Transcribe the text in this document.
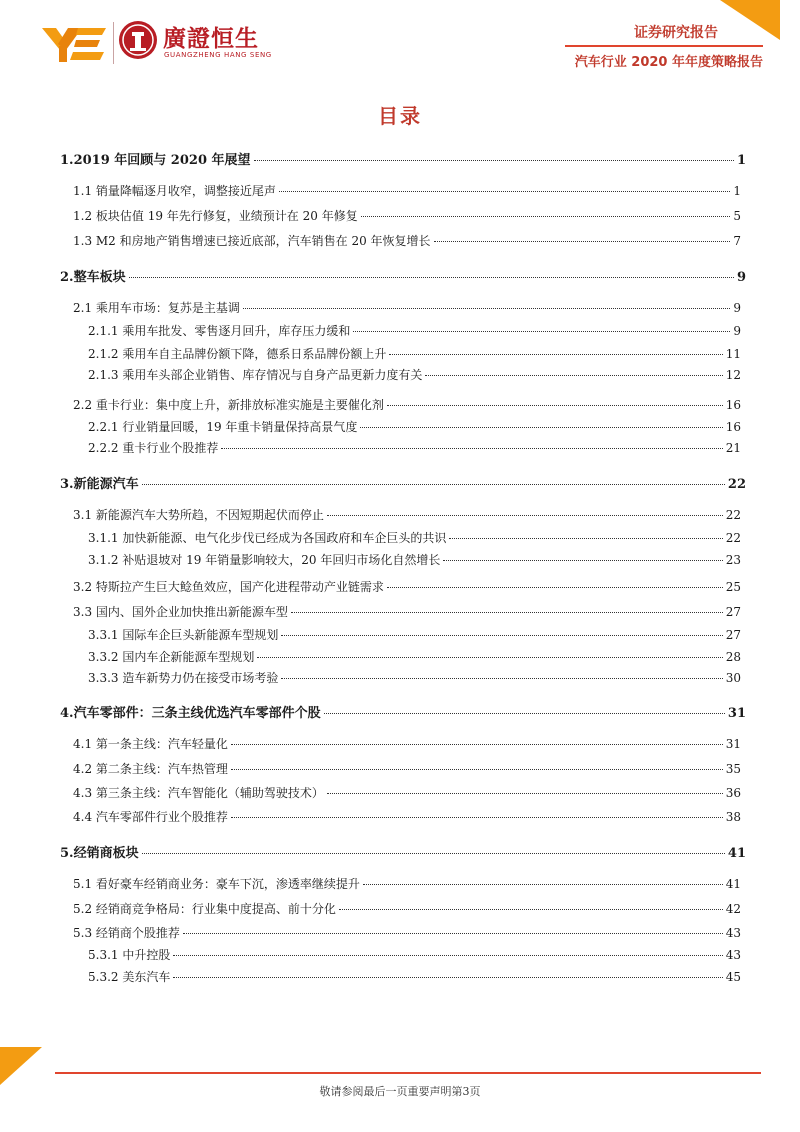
廣證恒生
GUANGZHENG HANG SENG
证券研究报告
汽车行业 2020 年年度策略报告
目录
1.2019 年回顾与 2020 年展望	1
1.1 销量降幅逐月收窄，调整接近尾声	1
1.2 板块估值 19 年先行修复，业绩预计在 20 年修复	5
1.3 M2 和房地产销售增速已接近底部，汽车销售在 20 年恢复增长	7
2.整车板块	9
2.1 乘用车市场：复苏是主基调	9
2.1.1 乘用车批发、零售逐月回升，库存压力缓和	9
2.1.2 乘用车自主品牌份额下降，德系日系品牌份额上升	11
2.1.3 乘用车头部企业销售、库存情况与自身产品更新力度有关	12
2.2 重卡行业：集中度上升，新排放标准实施是主要催化剂	16
2.2.1 行业销量回暖，19 年重卡销量保持高景气度	16
2.2.2 重卡行业个股推荐	21
3.新能源汽车	22
3.1 新能源汽车大势所趋，不因短期起伏而停止	22
3.1.1 加快新能源、电气化步伐已经成为各国政府和车企巨头的共识	22
3.1.2 补贴退坡对 19 年销量影响较大，20 年回归市场化自然增长	23
3.2 特斯拉产生巨大鲶鱼效应，国产化进程带动产业链需求	25
3.3 国内、国外企业加快推出新能源车型	27
3.3.1 国际车企巨头新能源车型规划	27
3.3.2 国内车企新能源车型规划	28
3.3.3 造车新势力仍在接受市场考验	30
4.汽车零部件：三条主线优选汽车零部件个股	31
4.1 第一条主线：汽车轻量化	31
4.2 第二条主线：汽车热管理	35
4.3 第三条主线：汽车智能化（辅助驾驶技术）	36
4.4 汽车零部件行业个股推荐	38
5.经销商板块	41
5.1 看好豪车经销商业务：豪车下沉，渗透率继续提升	41
5.2 经销商竞争格局：行业集中度提高、前十分化	42
5.3 经销商个股推荐	43
5.3.1 中升控股	43
5.3.2 美东汽车	45
敬请参阅最后一页重要声明第3页
